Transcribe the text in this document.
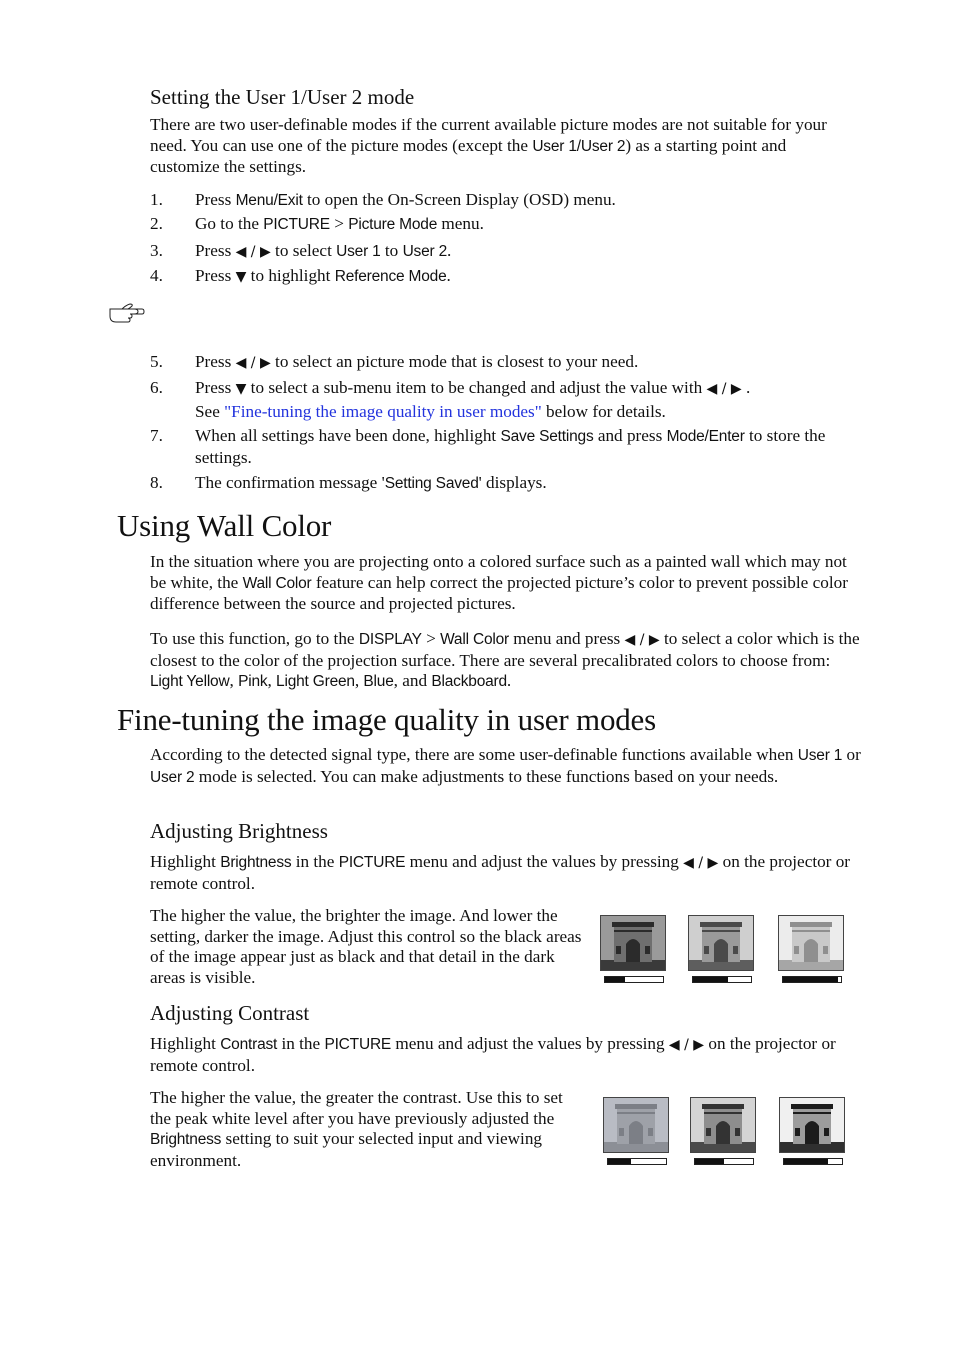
Setting the User 1/User 2 mode
There are two user-definable modes if the current available picture modes are not suitable for your need. You can use one of the picture modes (except the User 1/User 2) as a starting point and customize the settings.
1. Press Menu/Exit to open the On-Screen Display (OSD) menu.
2. Go to the PICTURE > Picture Mode menu.
3. Press ◀ / ▶ to select User 1 to User 2.
4. Press ▼ to highlight Reference Mode.
5. Press ◀ / ▶ to select an picture mode that is closest to your need.
6. Press ▼ to select a sub-menu item to be changed and adjust the value with ◀ / ▶ .
See "Fine-tuning the image quality in user modes" below for details.
7. When all settings have been done, highlight Save Settings and press Mode/Enter to store the settings.
8. The confirmation message 'Setting Saved' displays.
Using Wall Color
In the situation where you are projecting onto a colored surface such as a painted wall which may not be white, the Wall Color feature can help correct the projected picture’s color to prevent possible color difference between the source and projected pictures.
To use this function, go to the DISPLAY > Wall Color menu and press ◀ / ▶ to select a color which is the closest to the color of the projection surface. There are several precalibrated colors to choose from: Light Yellow, Pink, Light Green, Blue, and Blackboard.
Fine-tuning the image quality in user modes
According to the detected signal type, there are some user-definable functions available when User 1 or User 2 mode is selected. You can make adjustments to these functions based on your needs.
Adjusting Brightness
Highlight Brightness in the PICTURE menu and adjust the values by pressing ◀ / ▶ on the projector or remote control.
The higher the value, the brighter the image. And lower the setting, darker the image. Adjust this control so the black areas of the image appear just as black and that detail in the dark areas is visible.
Adjusting Contrast
Highlight Contrast in the PICTURE menu and adjust the values by pressing ◀ / ▶ on the projector or remote control.
The higher the value, the greater the contrast. Use this to set the peak white level after you have previously adjusted the Brightness setting to suit your selected input and viewing environment.
